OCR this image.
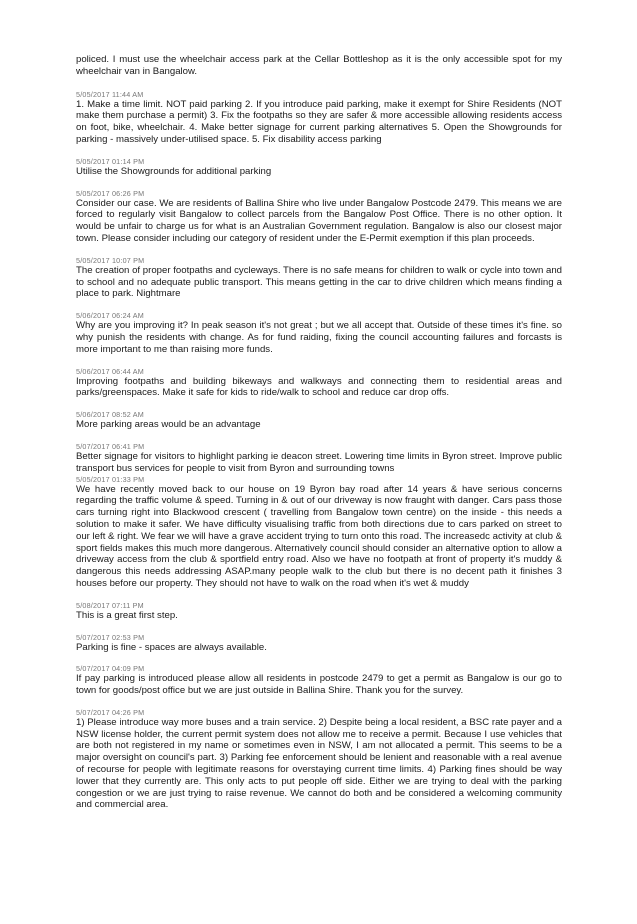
policed. I must use the wheelchair access park at the Cellar Bottleshop as it is the only accessible spot for my wheelchair van in Bangalow.

5/05/2017 11:44 AM

1. Make a time limit. NOT paid parking 2. If you introduce paid parking, make it exempt for Shire Residents (NOT make them purchase a permit) 3. Fix the footpaths so they are safer & more accessible allowing residents access on foot, bike, wheelchair. 4. Make better signage for current parking alternatives 5. Open the Showgrounds for parking - massively under-utilised space. 5. Fix disability access parking

5/05/2017 01:14 PM

Utilise the Showgrounds for additional parking

5/05/2017 06:26 PM

Consider our case. We are residents of Ballina Shire who live under Bangalow Postcode 2479. This means we are forced to regularly visit Bangalow to collect parcels from the Bangalow Post Office. There is no other option. It would be unfair to charge us for what is an Australian Government regulation. Bangalow is also our closest major town. Please consider including our category of resident under the E-Permit exemption if this plan proceeds.

5/05/2017 10:07 PM

The creation of proper footpaths and cycleways. There is no safe means for children to walk or cycle into town and to school and no adequate public transport. This means getting in the car to drive children which means finding a place to park. Nightmare

5/06/2017 06:24 AM

Why are you improving it? In peak season it's not great ; but we all accept that. Outside of these times it's fine. so why punish the residents with change. As for fund raiding, fixing the council accounting failures and forcasts is more important to me than raising more funds.

5/06/2017 06:44 AM

Improving footpaths and building bikeways and walkways and connecting them to residential areas and parks/greenspaces. Make it safe for kids to ride/walk to school and reduce car drop offs.

5/06/2017 08:52 AM

More parking areas would be an advantage

5/07/2017 06:41 PM

Better signage for visitors to highlight parking ie deacon street. Lowering time limits in Byron street. Improve public transport bus services for people to visit from Byron and surrounding towns

5/05/2017 01:33 PM

We have recently moved back to our house on 19 Byron bay road after 14 years & have serious concerns regarding the traffic volume & speed. Turning in & out of our driveway is now fraught with danger. Cars pass those cars turning right into Blackwood crescent ( travelling from Bangalow town centre) on the inside - this needs a solution to make it safer. We have difficulty visualising traffic from both directions due to cars parked on street to our left & right. We fear we will have a grave accident trying to turn onto this road. The increasedc activity at club & sport fields makes this much more dangerous. Alternatively council should consider an alternative option to allow a driveway access from the club & sportfield entry road. Also we have no footpath at front of property it's muddy & dangerous this needs addressing ASAP.many people walk to the club but there is no decent path it finishes 3 houses before our property. They should not have to walk on the road when it's wet & muddy

5/08/2017 07:11 PM

This is a great first step.

5/07/2017 02:53 PM

Parking is fine - spaces are always available.

5/07/2017 04:09 PM

If pay parking is introduced please allow all residents in postcode 2479 to get a permit as Bangalow is our go to town for goods/post office but we are just outside in Ballina Shire. Thank you for the survey.

5/07/2017 04:26 PM

1) Please introduce way more buses and a train service. 2) Despite being a local resident, a BSC rate payer and a NSW license holder, the current permit system does not allow me to receive a permit. Because I use vehicles that are both not registered in my name or sometimes even in NSW, I am not allocated a permit. This seems to be a major oversight on council's part. 3) Parking fee enforcement should be lenient and reasonable with a real avenue of recourse for people with legitimate reasons for overstaying current time limits. 4) Parking fines should be way lower that they currently are. This only acts to put people off side. Either we are trying to deal with the parking congestion or we are just trying to raise revenue. We cannot do both and be considered a welcoming community and commercial area.
